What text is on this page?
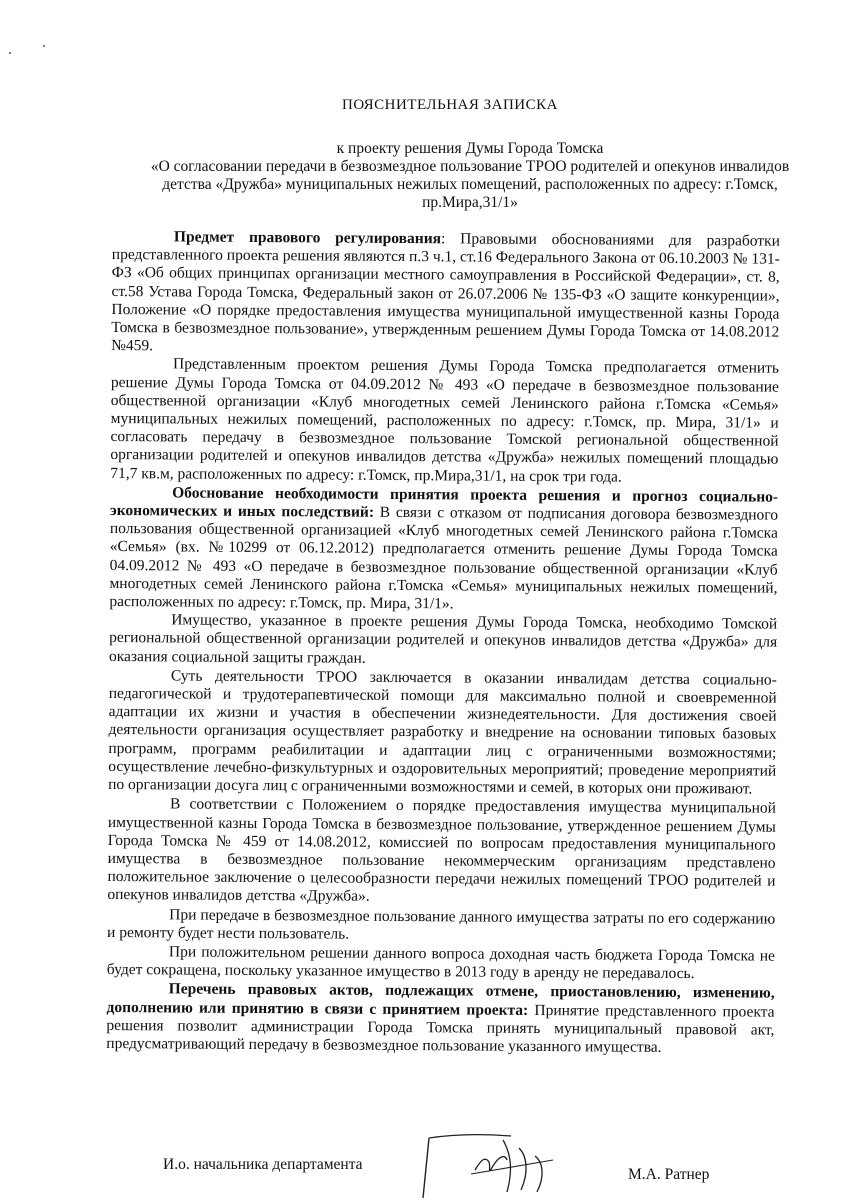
ПОЯСНИТЕЛЬНАЯ ЗАПИСКА
к проекту решения Думы Города Томска
«О согласовании передачи в безвозмездное пользование ТРОО родителей и опекунов инвалидов детства «Дружба» муниципальных нежилых помещений, расположенных по адресу: г.Томск, пр.Мира,31/1»

Предмет правового регулирования: Правовыми обоснованиями для разработки представленного проекта решения являются п.3 ч.1, ст.16 Федерального Закона от 06.10.2003 № 131-ФЗ «Об общих принципах организации местного самоуправления в Российской Федерации», ст. 8, ст.58 Устава Города Томска, Федеральный закон от 26.07.2006 № 135-ФЗ «О защите конкуренции», Положение «О порядке предоставления имущества муниципальной имущественной казны Города Томска в безвозмездное пользование», утвержденным решением Думы Города Томска от 14.08.2012 №459.

Представленным проектом решения Думы Города Томска предполагается отменить решение Думы Города Томска от 04.09.2012 № 493 «О передаче в безвозмездное пользование общественной организации «Клуб многодетных семей Ленинского района г.Томска «Семья» муниципальных нежилых помещений, расположенных по адресу: г.Томск, пр. Мира, 31/1» и согласовать передачу в безвозмездное пользование Томской региональной общественной организации родителей и опекунов инвалидов детства «Дружба» нежилых помещений площадью 71,7 кв.м, расположенных по адресу: г.Томск, пр.Мира,31/1, на срок три года.

Обоснование необходимости принятия проекта решения и прогноз социально-экономических и иных последствий: В связи с отказом от подписания договора безвозмездного пользования общественной организацией «Клуб многодетных семей Ленинского района г.Томска «Семья» (вх. №10299 от 06.12.2012) предполагается отменить решение Думы Города Томска 04.09.2012 № 493 «О передаче в безвозмездное пользование общественной организации «Клуб многодетных семей Ленинского района г.Томска «Семья» муниципальных нежилых помещений, расположенных по адресу: г.Томск, пр. Мира, 31/1».

Имущество, указанное в проекте решения Думы Города Томска, необходимо Томской региональной общественной организации родителей и опекунов инвалидов детства «Дружба» для оказания социальной защиты граждан.

Суть деятельности ТРОО заключается в оказании инвалидам детства социально-педагогической и трудотерапевтической помощи для максимально полной и своевременной адаптации их жизни и участия в обеспечении жизнедеятельности. Для достижения своей деятельности организация осуществляет разработку и внедрение на основании типовых базовых программ, программ реабилитации и адаптации лиц с ограниченными возможностями; осуществление лечебно-физкультурных и оздоровительных мероприятий; проведение мероприятий по организации досуга лиц с ограниченными возможностями и семей, в которых они проживают.

В соответствии с Положением о порядке предоставления имущества муниципальной имущественной казны Города Томска в безвозмездное пользование, утвержденное решением Думы Города Томска № 459 от 14.08.2012, комиссией по вопросам предоставления муниципального имущества в безвозмездное пользование некоммерческим организациям представлено положительное заключение о целесообразности передачи нежилых помещений ТРОО родителей и опекунов инвалидов детства «Дружба».

При передаче в безвозмездное пользование данного имущества затраты по его содержанию и ремонту будет нести пользователь.

При положительном решении данного вопроса доходная часть бюджета Города Томска не будет сокращена, поскольку указанное имущество в 2013 году в аренду не передавалось.

Перечень правовых актов, подлежащих отмене, приостановлению, изменению, дополнению или принятию в связи с принятием проекта: Принятие представленного проекта решения позволит администрации Города Томска принять муниципальный правовой акт, предусматривающий передачу в безвозмездное пользование указанного имущества.

И.о. начальника департамента
М.А. Ратнер
